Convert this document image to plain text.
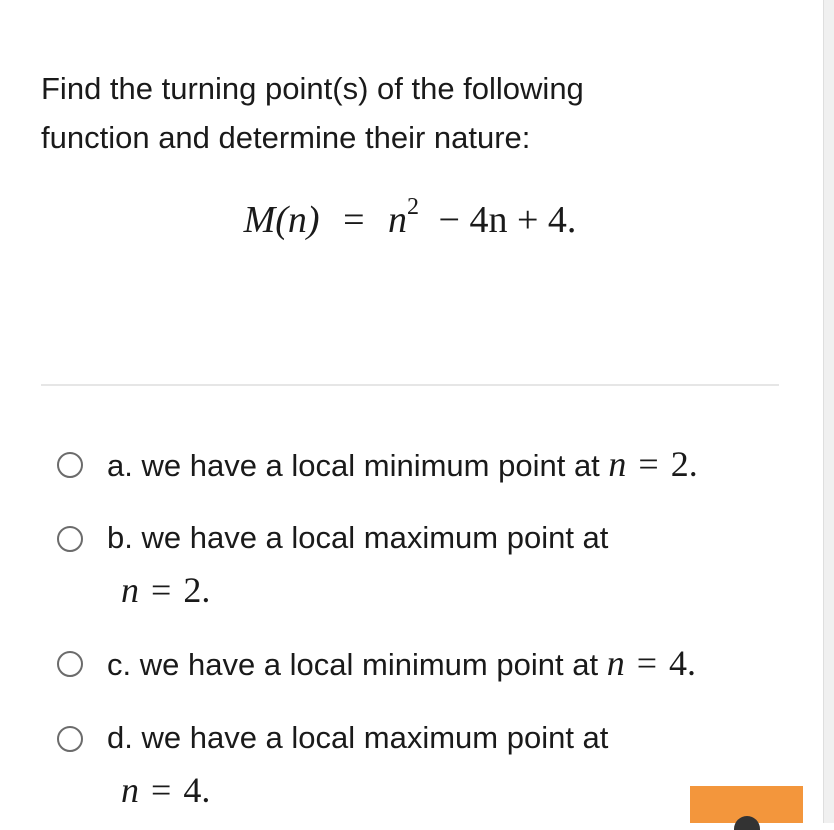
Find the turning point(s) of the following
function and determine their nature:
$M(n) = n^2 - 4n + 4$.
a. we have a local minimum point at n = 2.
b. we have a local maximum point at
n = 2.
c. we have a local minimum point at n = 4.
d. we have a local maximum point at
n = 4.
